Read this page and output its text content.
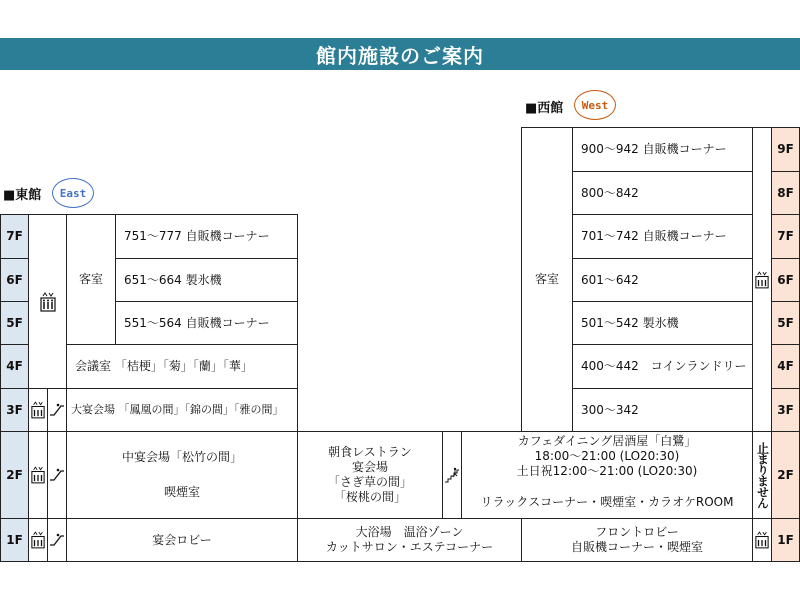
館内施設のご案内
■西館	West
■東館	East
7F
6F
5F
4F
3F
2F
1F
客室
751～777 自販機コーナー
651～664 製氷機
551～564 自販機コーナー
会議室 「桔梗」「菊」「蘭」「華」
大宴会場 「鳳凰の間」「錦の間」「雅の間」
中宴会場「松竹の間」
喫煙室
宴会ロビー
朝食レストラン
宴会場
「さぎ草の間」
「桜桃の間」
大浴場　温浴ゾーン
カットサロン・エステコーナー
客室
900～942 自販機コーナー
800～842
701～742 自販機コーナー
601～642
501～542 製氷機
400～442　コインランドリー
300～342
9F
8F
7F
6F
5F
4F
3F
2F
1F
カフェダイニング居酒屋「白鷺」
18:00～21:00 (LO20:30)
土日祝12:00～21:00 (LO20:30)
リラックスコーナー・喫煙室・カラオケROOM 止まりません
フロントロビー
自販機コーナー・喫煙室
